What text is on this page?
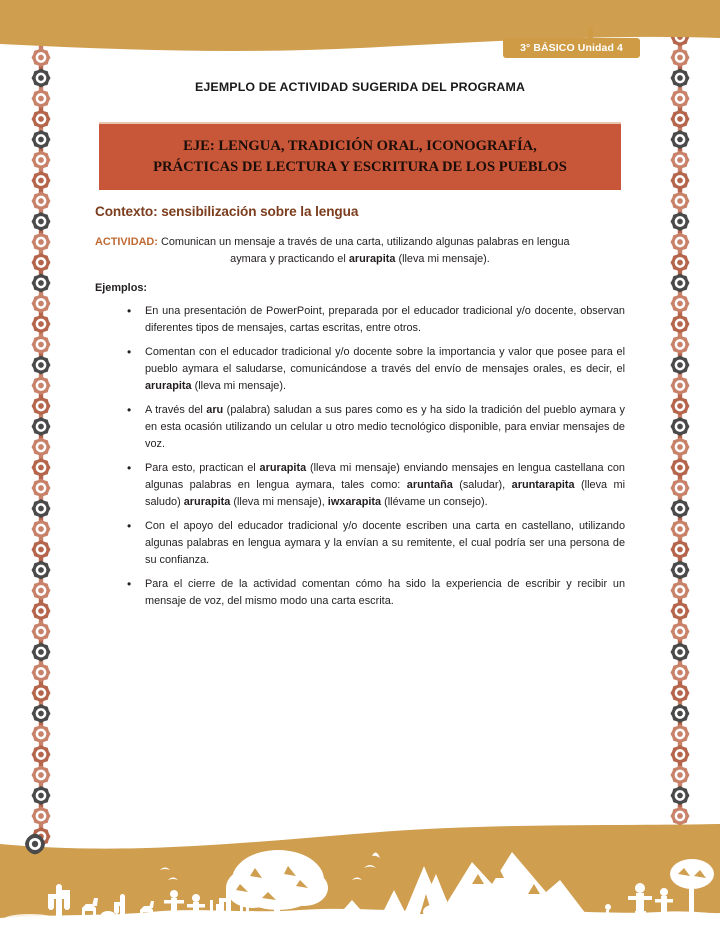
3° BÁSICO Unidad 4
EJEMPLO DE ACTIVIDAD SUGERIDA DEL PROGRAMA
EJE: LENGUA, TRADICIÓN ORAL, ICONOGRAFÍA,
PRÁCTICAS DE LECTURA Y ESCRITURA DE LOS PUEBLOS
Contexto: sensibilización sobre la lengua
ACTIVIDAD: Comunican un mensaje a través de una carta, utilizando algunas palabras en lengua
aymara y practicando el arurapita (lleva mi mensaje).
Ejemplos:
• En una presentación de PowerPoint, preparada por el educador tradicional y/o docente, observan diferentes tipos de mensajes, cartas escritas, entre otros.
• Comentan con el educador tradicional y/o docente sobre la importancia y valor que posee para el pueblo aymara el saludarse, comunicándose a través del envío de mensajes orales, es decir, el arurapita (lleva mi mensaje).
• A través del aru (palabra) saludan a sus pares como es y ha sido la tradición del pueblo aymara y en esta ocasión utilizando un celular u otro medio tecnológico disponible, para enviar mensajes de voz.
• Para esto, practican el arurapita (lleva mi mensaje) enviando mensajes en lengua castellana con algunas palabras en lengua aymara, tales como: aruntaña (saludar), aruntarapita (lleva mi saludo) arurapita (lleva mi mensaje), iwxarapita (llévame un consejo).
• Con el apoyo del educador tradicional y/o docente escriben una carta en castellano, utilizando algunas palabras en lengua aymara y la envían a su remitente, el cual podría ser una persona de su confianza.
• Para el cierre de la actividad comentan cómo ha sido la experiencia de escribir y recibir un mensaje de voz, del mismo modo una carta escrita.
